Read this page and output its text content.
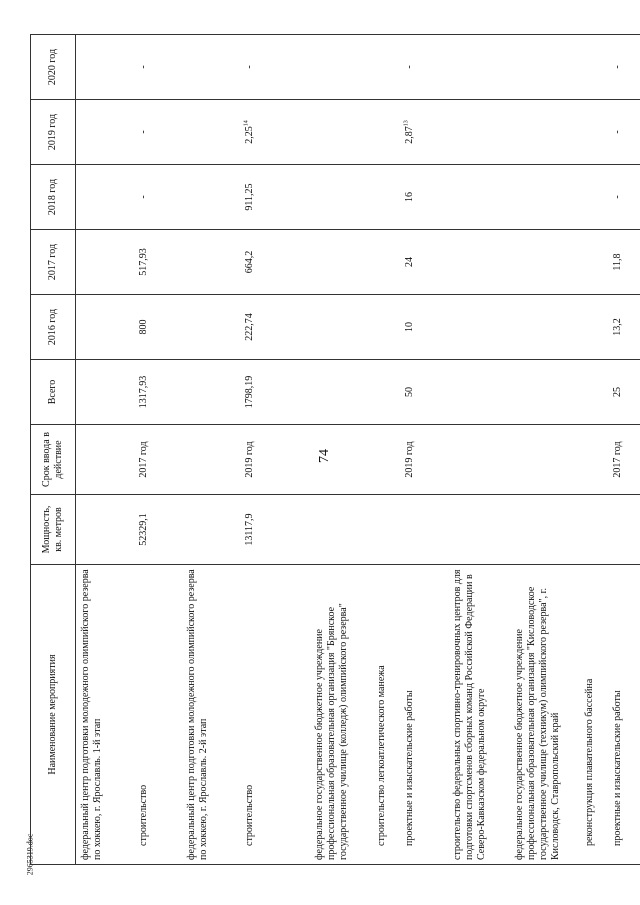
74
2965319.doc
Наименование мероприятия	Мощность, кв. метров	Срок ввода в действие	Всего	2016 год	2017 год	2018 год	2019 год	2020 год
федеральный центр подготовки молодежного олимпийского резерва по хоккею, г. Ярославль. 1-й этап								
строительство	52329,1	2017 год	1317,93	800	517,93	-	-	-
федеральный центр подготовки молодежного олимпийского резерва по хоккею, г. Ярославль. 2-й этап								
строительство	13117,9	2019 год	1798,19	222,74	664,2	911,25	2,25$^{14}$	-
федеральное государственное бюджетное учреждение профессиональная образовательная организация "Брянское государственное училище (колледж) олимпийского резерва"								
строительство легкоатлетического манежа								
проектные и изыскательские работы		2019 год	50	10	24	16	2,87$^{13}$	-
строительство федеральных спортивно-тренировочных центров для подготовки спортсменов сборных команд Российской Федерации в Северо-Кавказском федеральном округе								
федеральное государственное бюджетное учреждение профессиональная образовательная организация "Кисловодское государственное училище (техникум) олимпийского резерва", г. Кисловодск, Ставропольский край								
реконструкция плавательного бассейна								
проектные и изыскательские работы		2017 год	25	13,2	11,8	-	-	-
